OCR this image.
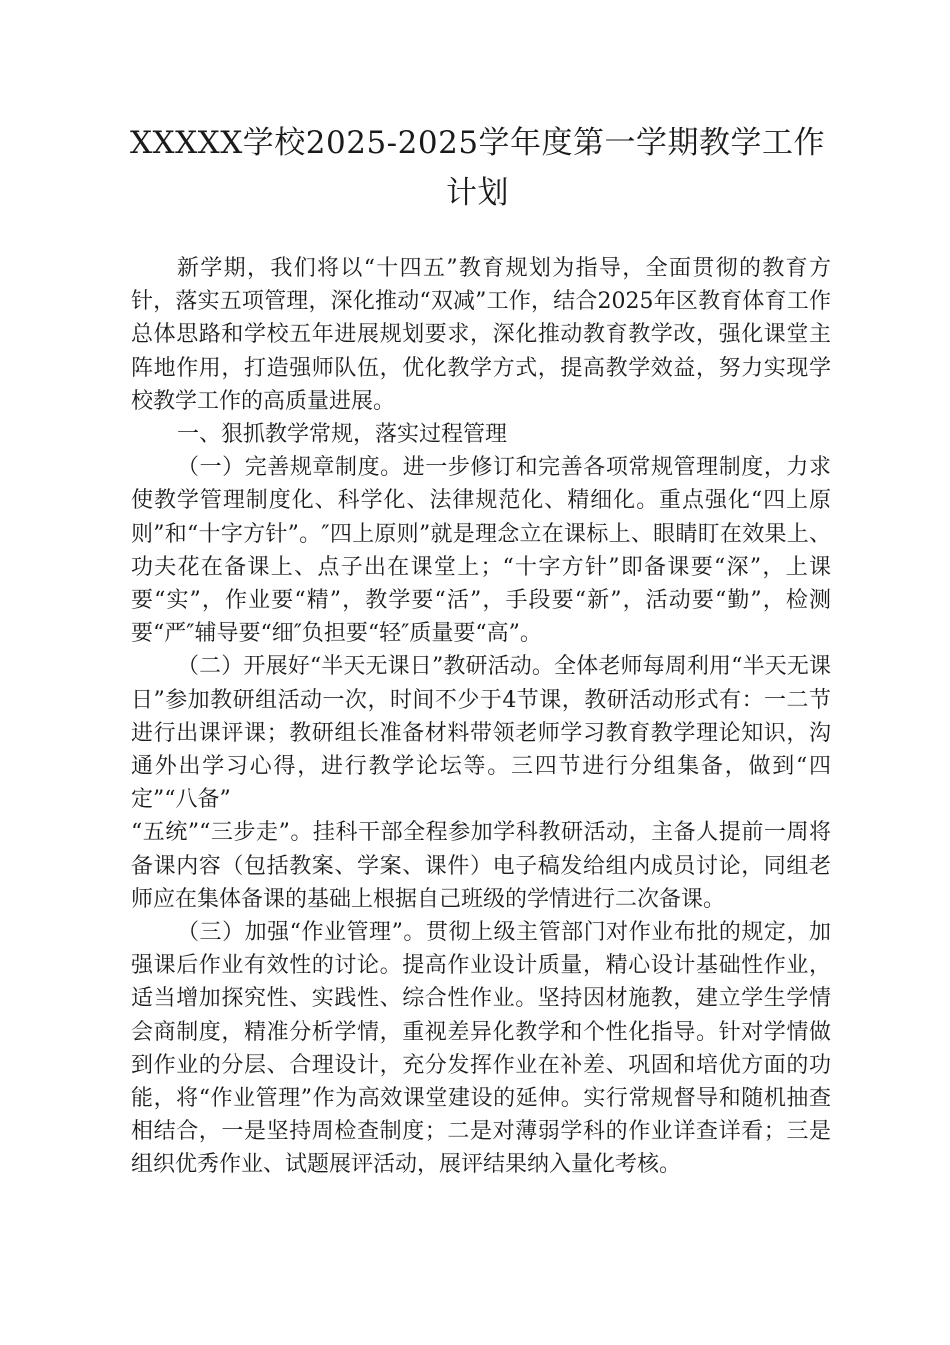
XXXXX学校2025-2025学年度第一学期教学工作计划

新学期，我们将以“十四五”教育规划为指导，全面贯彻的教育方针，落实五项管理，深化推动“双减”工作，结合2025年区教育体育工作总体思路和学校五年进展规划要求，深化推动教育教学改，强化课堂主阵地作用，打造强师队伍，优化教学方式，提高教学效益，努力实现学校教学工作的高质量进展。

一、狠抓教学常规，落实过程管理

（一）完善规章制度。进一步修订和完善各项常规管理制度，力求使教学管理制度化、科学化、法律规范化、精细化。重点强化“四上原则”和“十字方针”。″四上原则”就是理念立在课标上、眼睛盯在效果上、功夫花在备课上、点子出在课堂上；“十字方针”即备课要“深”，上课要“实”，作业要“精”，教学要“活”，手段要“新”，活动要“勤”，检测要“严″辅导要“细″负担要“轻″质量要“高”。

（二）开展好“半天无课日”教研活动。全体老师每周利用“半天无课日”参加教研组活动一次，时间不少于4节课，教研活动形式有：一二节进行出课评课；教研组长准备材料带领老师学习教育教学理论知识，沟通外出学习心得，进行教学论坛等。三四节进行分组集备，做到“四定”“八备”

“五统”“三步走”。挂科干部全程参加学科教研活动，主备人提前一周将备课内容（包括教案、学案、课件）电子稿发给组内成员讨论，同组老师应在集体备课的基础上根据自己班级的学情进行二次备课。

（三）加强“作业管理”。贯彻上级主管部门对作业布批的规定，加强课后作业有效性的讨论。提高作业设计质量，精心设计基础性作业，适当增加探究性、实践性、综合性作业。坚持因材施教，建立学生学情会商制度，精准分析学情，重视差异化教学和个性化指导。针对学情做到作业的分层、合理设计，充分发挥作业在补差、巩固和培优方面的功能，将“作业管理”作为高效课堂建设的延伸。实行常规督导和随机抽查相结合，一是坚持周检查制度；二是对薄弱学科的作业详查详看；三是组织优秀作业、试题展评活动，展评结果纳入量化考核。
